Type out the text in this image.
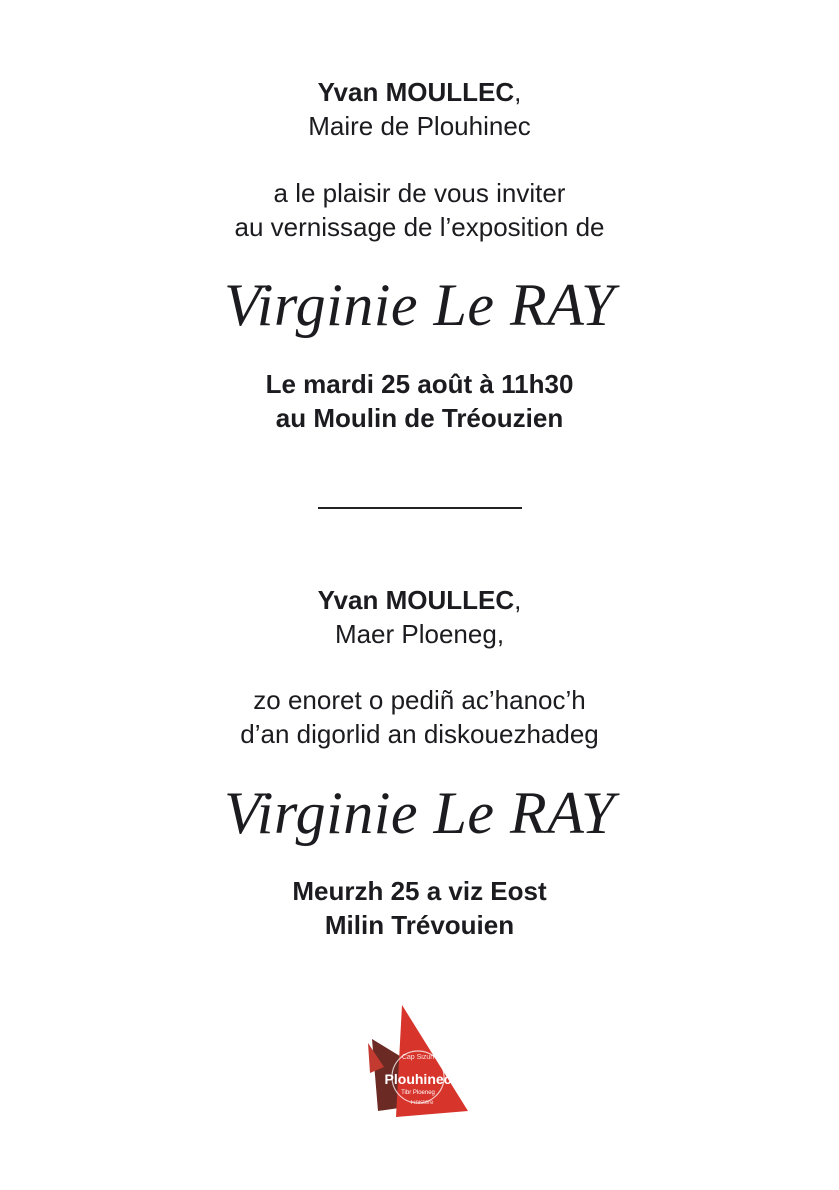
Yvan MOULLEC,
Maire de Plouhinec
a le plaisir de vous inviter
au vernissage de l’exposition de
Virginie Le RAY
Le mardi 25 août à 11h30
au Moulin de Tréouzien
Yvan MOULLEC,
Maer Ploeneg,
zo enoret o pediñ ac’hanoc’h
d’an digorlid an diskouezhadeg
Virginie Le RAY
Meurzh 25 a viz Eost
Milin Trévouien
Cap Sizun
Plouhinec
Tibr Ploeneg
Finistère
